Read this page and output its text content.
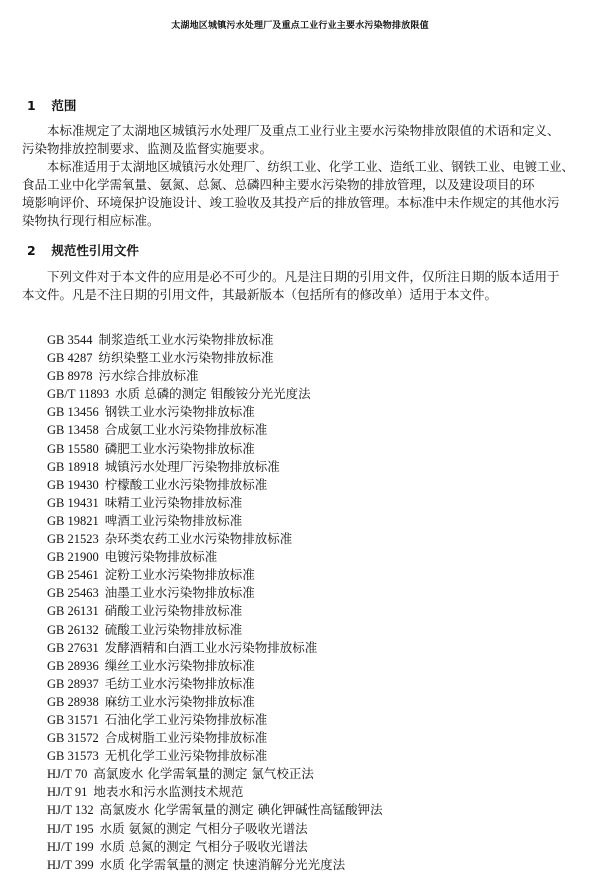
太湖地区城镇污水处理厂及重点工业行业主要水污染物排放限值
1 范围
本标准规定了太湖地区城镇污水处理厂及重点工业行业主要水污染物排放限值的术语和定义、
污染物排放控制要求、监测及监督实施要求。
本标准适用于太湖地区城镇污水处理厂、纺织工业、化学工业、造纸工业、钢铁工业、电镀工业、
食品工业中化学需氧量、氨氮、总氮、总磷四种主要水污染物的排放管理，以及建设项目的环
境影响评价、环境保护设施设计、竣工验收及其投产后的排放管理。本标准中未作规定的其他水污
染物执行现行相应标准。
2 规范性引用文件
下列文件对于本文件的应用是必不可少的。凡是注日期的引用文件，仅所注日期的版本适用于
本文件。凡是不注日期的引用文件，其最新版本（包括所有的修改单）适用于本文件。
GB 3544 制浆造纸工业水污染物排放标准
GB 4287 纺织染整工业水污染物排放标准
GB 8978 污水综合排放标准
GB/T 11893 水质 总磷的测定 钼酸铵分光光度法
GB 13456 钢铁工业水污染物排放标准
GB 13458 合成氨工业水污染物排放标准
GB 15580 磷肥工业水污染物排放标准
GB 18918 城镇污水处理厂污染物排放标准
GB 19430 柠檬酸工业水污染物排放标准
GB 19431 味精工业污染物排放标准
GB 19821 啤酒工业污染物排放标准
GB 21523 杂环类农药工业水污染物排放标准
GB 21900 电镀污染物排放标准
GB 25461 淀粉工业水污染物排放标准
GB 25463 油墨工业水污染物排放标准
GB 26131 硝酸工业污染物排放标准
GB 26132 硫酸工业污染物排放标准
GB 27631 发酵酒精和白酒工业水污染物排放标准
GB 28936 缫丝工业水污染物排放标准
GB 28937 毛纺工业水污染物排放标准
GB 28938 麻纺工业水污染物排放标准
GB 31571 石油化学工业污染物排放标准
GB 31572 合成树脂工业污染物排放标准
GB 31573 无机化学工业污染物排放标准
HJ/T 70 高氯废水 化学需氧量的测定 氯气校正法
HJ/T 91 地表水和污水监测技术规范
HJ/T 132 高氯废水 化学需氧量的测定 碘化钾碱性高锰酸钾法
HJ/T 195 水质 氨氮的测定 气相分子吸收光谱法
HJ/T 199 水质 总氮的测定 气相分子吸收光谱法
HJ/T 399 水质 化学需氧量的测定 快速消解分光光度法
